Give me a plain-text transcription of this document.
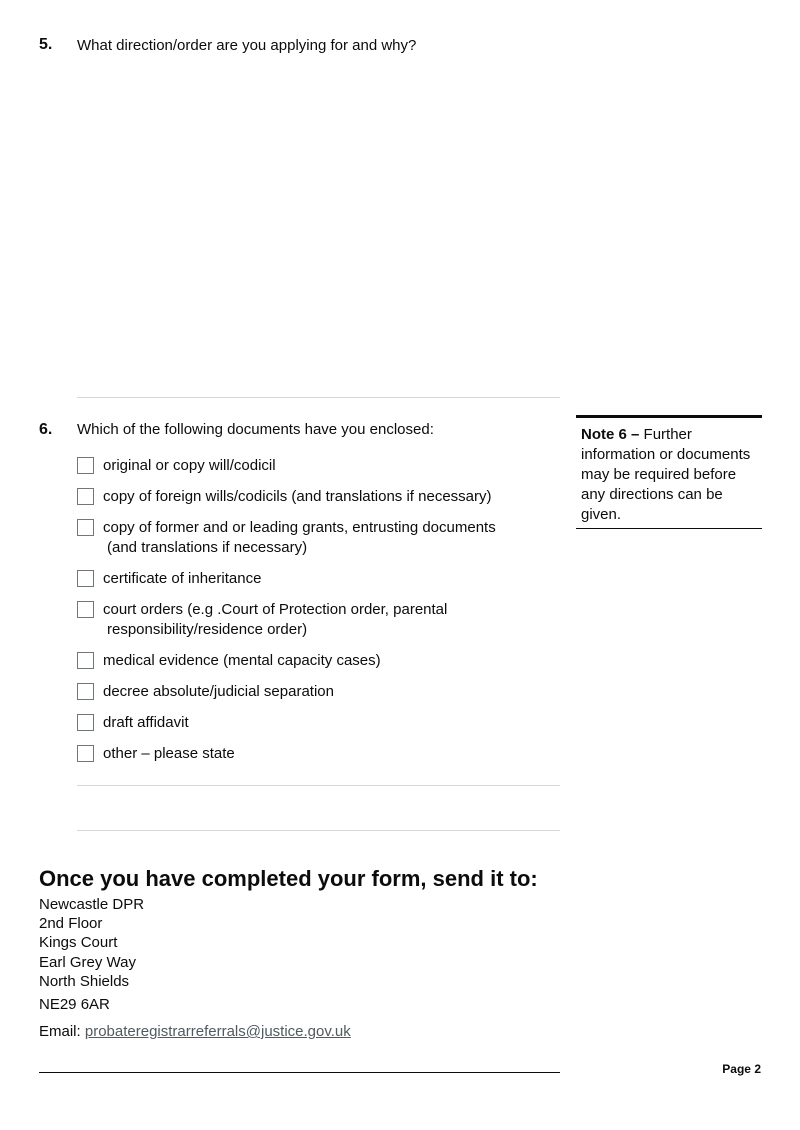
5. What direction/order are you applying for and why?
6. Which of the following documents have you enclosed:
original or copy will/codicil
copy of foreign wills/codicils (and translations if necessary)
copy of former and or leading grants, entrusting documents
(and translations if necessary)
certificate of inheritance
court orders (e.g .Court of Protection order, parental
responsibility/residence order)
medical evidence (mental capacity cases)
decree absolute/judicial separation
draft affidavit
other – please state
Note 6 – Further information or documents may be required before any directions can be given.
Once you have completed your form, send it to:
Newcastle DPR
2nd Floor
Kings Court
Earl Grey Way
North Shields
NE29 6AR
Email: probateregistrarreferrals@justice.gov.uk
Page 2
